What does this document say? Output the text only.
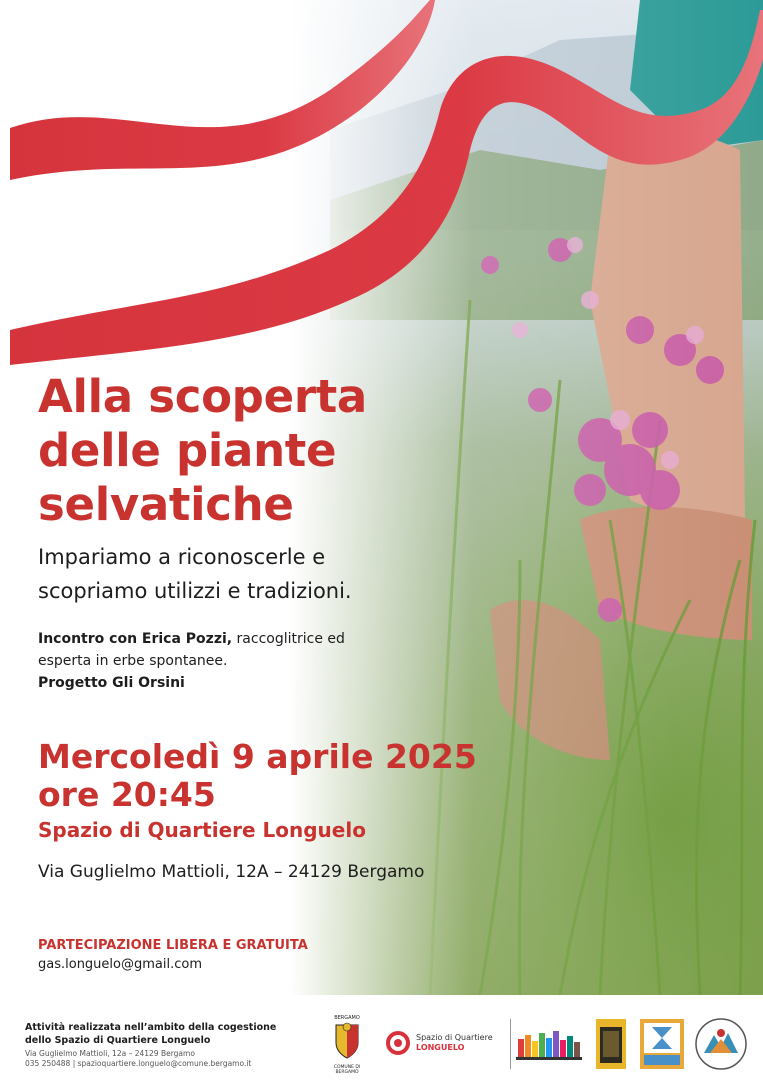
Alla scoperta
delle piante
selvatiche
Impariamo a riconoscerle e
scopriamo utilizzi e tradizioni.
Incontro con Erica Pozzi, raccoglitrice ed
esperta in erbe spontanee.
Progetto Gli Orsini
Mercoledì 9 aprile 2025
ore 20:45
Spazio di Quartiere Longuelo
Via Guglielmo Mattioli, 12A – 24129 Bergamo
PARTECIPAZIONE LIBERA E GRATUITA
gas.longuelo@gmail.com
Attività realizzata nell’ambito della cogestione
dello Spazio di Quartiere Longuelo
Via Guglielmo Mattioli, 12a – 24129 Bergamo
035 250488 | spazioquartiere.longuelo@comune.bergamo.it
BERGAMO
COMUNE DI BERGAMO
Spazio di Quartiere
LONGUELO
